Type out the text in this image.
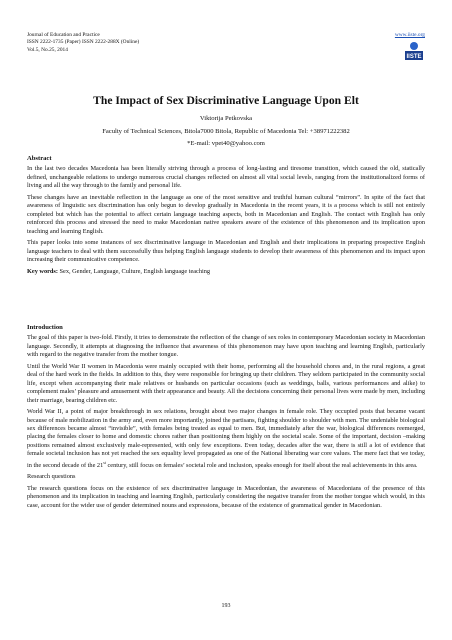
Journal of Education and Practice
ISSN 2222-1735 (Paper) ISSN 2222-288X (Online)
Vol.5, No.25, 2014
www.iiste.org
IISTE
The Impact of Sex Discriminative Language Upon Elt
Viktorija Petkovska
Faculty of Technical Sciences, Bitola7000 Bitola, Republic of Macedonia Tel: +38971222382
*E-mail: vpet40@yahoo.com

Abstract

In the last two decades Macedonia has been literally striving through a process of long-lasting and tiresome transition, which caused the old, statically defined, unchangeable relations to undergo numerous crucial changes reflected on almost all vital social levels, ranging from the institutionalized forms of living and all the way through to the family and personal life.

These changes have an inevitable reflection in the language as one of the most sensitive and truthful human cultural “mirrors”. In spite of the fact that awareness of linguistic sex discrimination has only begun to develop gradually in Macedonia in the recent years, it is a process which is still not entirely completed but which has the potential to affect certain language teaching aspects, both in Macedonian and English. The contact with English has only reinforced this process and stressed the need to make Macedonian native speakers aware of the existence of this phenomenon and its implication upon teaching and learning English.

This paper looks into some instances of sex discriminative language in Macedonian and English and their implications in preparing prospective English language teachers to deal with them successfully thus helping English language students to develop their awareness of this phenomenon and its impact upon increasing their communicative competence.

Key words: Sex, Gender, Language, Culture, English language teaching

Introduction

The goal of this paper is two-fold. Firstly, it tries to demonstrate the reflection of the change of sex roles in contemporary Macedonian society in Macedonian language. Secondly, it attempts at diagnosing the influence that awareness of this phenomenon may have upon teaching and learning English, particularly with regard to the negative transfer from the mother tongue.

Until the World War II women in Macedonia were mainly occupied with their home, performing all the household chores and, in the rural regions, a great deal of the hard work in the fields. In addition to this, they were responsible for bringing up their children. They seldom participated in the community social life, except when accompanying their male relatives or husbands on particular occasions (such as weddings, balls, various performances and alike) to complement males’ pleasure and amusement with their appearance and beauty. All the decisions concerning their personal lives were made by men, including their marriage, bearing children etc.

World War II, a point of major breakthrough in sex relations, brought about two major changes in female role. They occupied posts that became vacant because of male mobilization in the army and, even more importantly, joined the partisans, fighting shoulder to shoulder with men. The undeniable biological sex differences became almost “invisible”, with females being treated as equal to men. But, immediately after the war, biological differences reemerged, placing the females closer to home and domestic chores rather than positioning them highly on the societal scale. Some of the important, decision –making positions remained almost exclusively male-represented, with only few exceptions. Even today, decades after the war, there is still a lot of evidence that female societal inclusion has not yet reached the sex equality level propagated as one of the National liberating war core values. The mere fact that we today, in the second decade of the 21st century, still focus on females’ societal role and inclusion, speaks enough for itself about the real achievements in this area.

Research questions

The research questions focus on the existence of sex discriminative language in Macedonian, the awareness of Macedonians of the presence of this phenomenon and its implication in teaching and learning English, particularly considering the negative transfer from the mother tongue which would, in this case, account for the wider use of gender determined nouns and expressions, because of the existence of grammatical gender in Macedonian.

193
